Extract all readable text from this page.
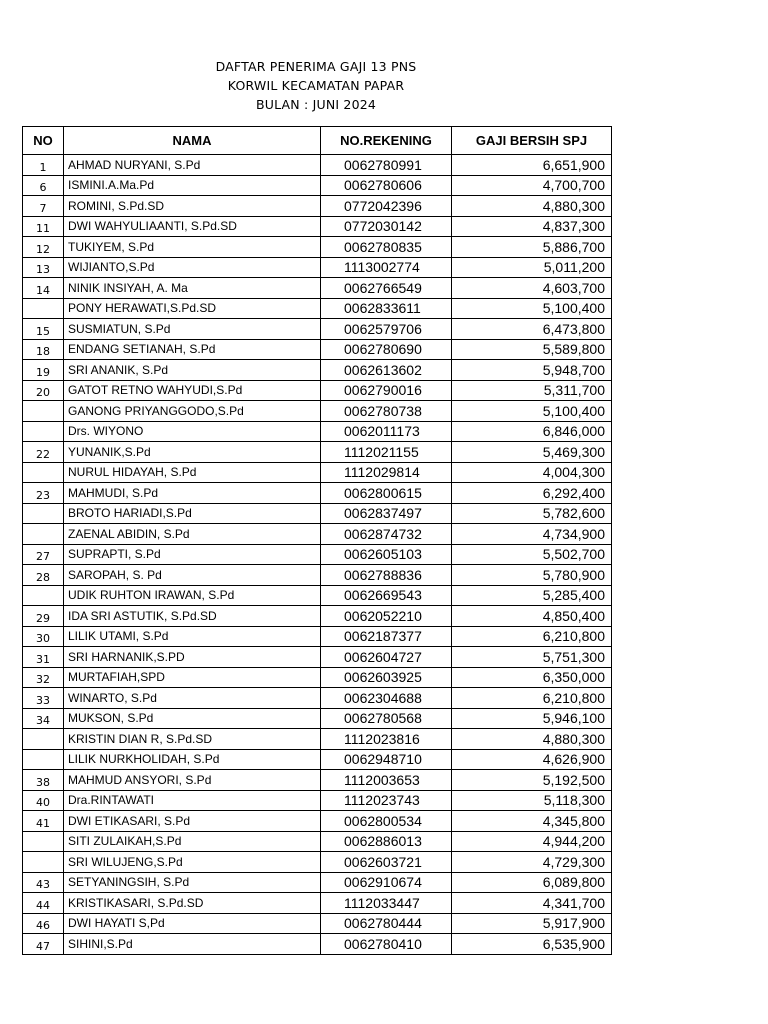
DAFTAR PENERIMA GAJI 13 PNS
KORWIL KECAMATAN PAPAR
BULAN : JUNI 2024
NO	NAMA	NO.REKENING	GAJI BERSIH SPJ
1	AHMAD NURYANI, S.Pd	0062780991	6,651,900
6	ISMINI.A.Ma.Pd	0062780606	4,700,700
7	ROMINI, S.Pd.SD	0772042396	4,880,300
11	DWI WAHYULIAANTI, S.Pd.SD	0772030142	4,837,300
12	TUKIYEM, S.Pd	0062780835	5,886,700
13	WIJIANTO,S.Pd	1113002774	5,011,200
14	NINIK INSIYAH, A. Ma	0062766549	4,603,700
	PONY HERAWATI,S.Pd.SD	0062833611	5,100,400
15	SUSMIATUN, S.Pd	0062579706	6,473,800
18	ENDANG SETIANAH, S.Pd	0062780690	5,589,800
19	SRI ANANIK, S.Pd	0062613602	5,948,700
20	GATOT RETNO WAHYUDI,S.Pd	0062790016	5,311,700
	GANONG PRIYANGGODO,S.Pd	0062780738	5,100,400
	Drs. WIYONO	0062011173	6,846,000
22	YUNANIK,S.Pd	1112021155	5,469,300
	NURUL HIDAYAH, S.Pd	1112029814	4,004,300
23	MAHMUDI, S.Pd	0062800615	6,292,400
	BROTO HARIADI,S.Pd	0062837497	5,782,600
	ZAENAL ABIDIN, S.Pd	0062874732	4,734,900
27	SUPRAPTI, S.Pd	0062605103	5,502,700
28	SAROPAH, S. Pd	0062788836	5,780,900
	UDIK RUHTON IRAWAN, S.Pd	0062669543	5,285,400
29	IDA SRI ASTUTIK, S.Pd.SD	0062052210	4,850,400
30	LILIK UTAMI, S.Pd	0062187377	6,210,800
31	SRI HARNANIK,S.PD	0062604727	5,751,300
32	MURTAFIAH,SPD	0062603925	6,350,000
33	WINARTO, S.Pd	0062304688	6,210,800
34	MUKSON, S.Pd	0062780568	5,946,100
	KRISTIN DIAN R, S.Pd.SD	1112023816	4,880,300
	LILIK NURKHOLIDAH, S.Pd	0062948710	4,626,900
38	MAHMUD ANSYORI, S.Pd	1112003653	5,192,500
40	Dra.RINTAWATI	1112023743	5,118,300
41	DWI ETIKASARI, S.Pd	0062800534	4,345,800
	SITI ZULAIKAH,S.Pd	0062886013	4,944,200
	SRI WILUJENG,S.Pd	0062603721	4,729,300
43	SETYANINGSIH, S.Pd	0062910674	6,089,800
44	KRISTIKASARI, S.Pd.SD	1112033447	4,341,700
46	DWI HAYATI S,Pd	0062780444	5,917,900
47	SIHINI,S.Pd	0062780410	6,535,900
